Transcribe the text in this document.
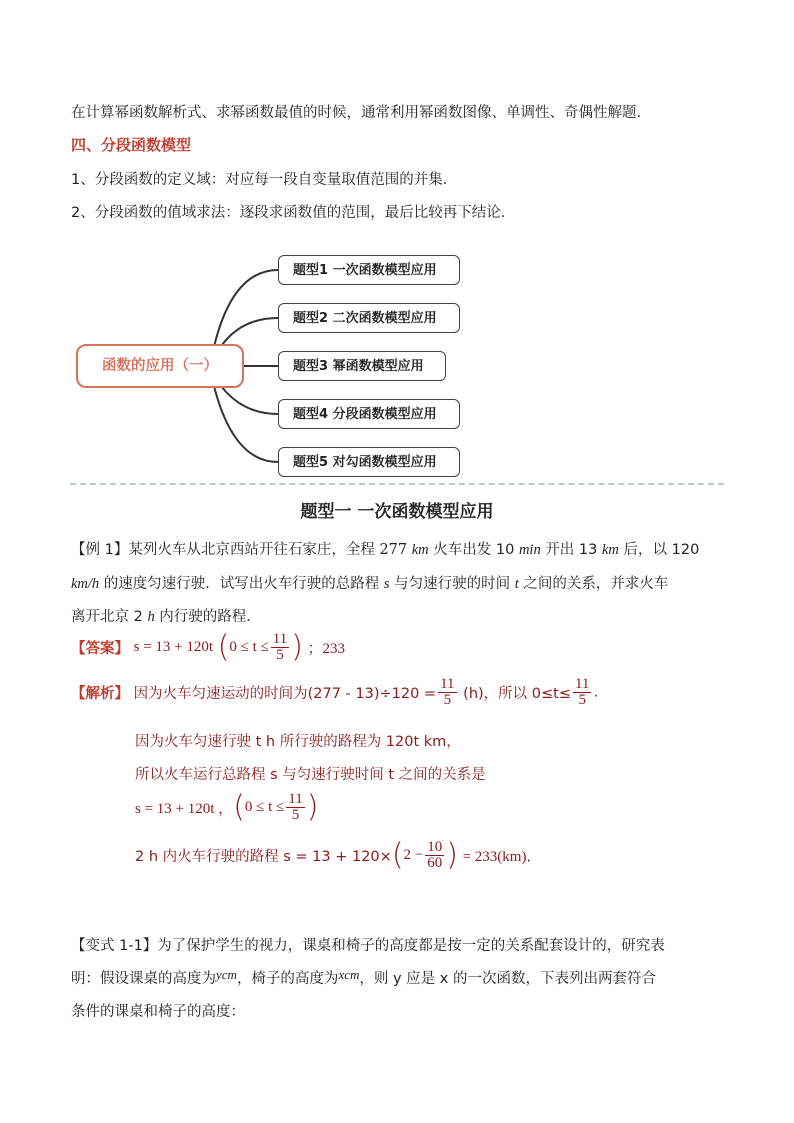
在计算幂函数解析式、求幂函数最值的时候，通常利用幂函数图像、单调性、奇偶性解题.
四、分段函数模型
1、分段函数的定义域：对应每一段自变量取值范围的并集．
2、分段函数的值域求法：逐段求函数值的范围，最后比较再下结论．
函数的应用（一）
题型1 一次函数模型应用
题型2 二次函数模型应用
题型3 幂函数模型应用
题型4 分段函数模型应用
题型5 对勾函数模型应用
题型一 一次函数模型应用
【例 1】某列火车从北京西站开往石家庄，全程 277 km 火车出发 10 min 开出 13 km 后，以 120
km/h 的速度匀速行驶．试写出火车行驶的总路程 s 与匀速行驶的时间 t 之间的关系，并求火车
离开北京 2 h 内行驶的路程．
【答案】 s = 13 + 120t ($0 \le t \le \frac{11}{5}$ ) ；233
【解析】 因为火车匀速运动的时间为$(277 - 13)\div 120 = \frac{11}{5} (h)$，所以 $0\le t\le \frac{11}{5}$ .
因为火车匀速行驶 t h 所行驶的路程为 120t km，
所以火车运行总路程 s 与匀速行驶时间 t 之间的关系是
s = 13 + 120t ，($0 \le t \le \frac{11}{5}$ )
2 h 内火车行驶的路程 $s = 13 + 120\times(2 - \frac{10}{60}$ ) = 233(km)．
【变式 1-1】为了保护学生的视力，课桌和椅子的高度都是按一定的关系配套设计的，研究表
明：假设课桌的高度为ycm，椅子的高度为xcm，则 y 应是 x 的一次函数，下表列出两套符合
条件的课桌和椅子的高度：
